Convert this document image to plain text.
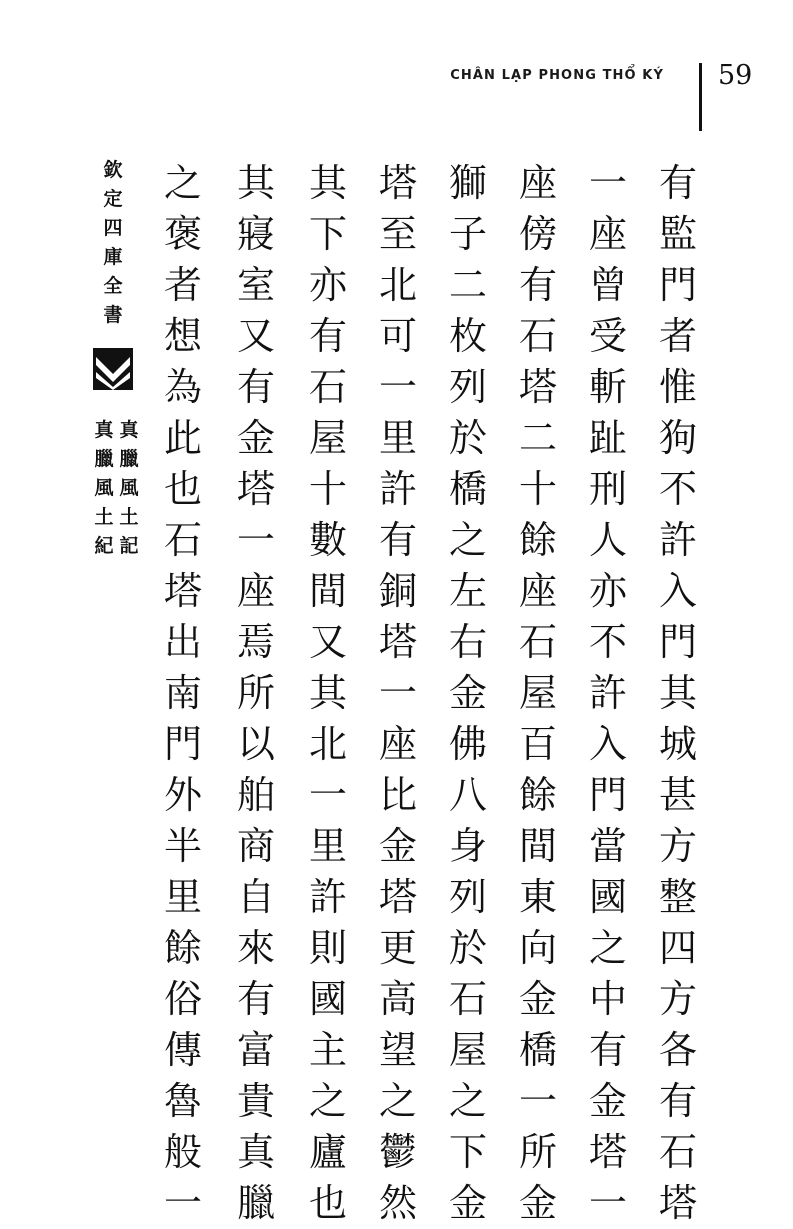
CHÂN LẠP PHONG THỔ KÝ 59
有
監
門
者
惟
狗
不
許
入
門
其
城
甚
方
整
四
方
各
有
石
塔
一
座
曾
受
斬
趾
刑
人
亦
不
許
入
門
當
國
之
中
有
金
塔
一
座
傍
有
石
塔
二
十
餘
座
石
屋
百
餘
間
東
向
金
橋
一
所
金
獅
子
二
枚
列
於
橋
之
左
右
金
佛
八
身
列
於
石
屋
之
下
金
塔
至
北
可
一
里
許
有
銅
塔
一
座
比
金
塔
更
高
望
之
鬱
然
其
下
亦
有
石
屋
十
數
間
又
其
北
一
里
許
則
國
主
之
廬
也
其
寢
室
又
有
金
塔
一
座
焉
所
以
舶
商
自
來
有
富
貴
真
臘
之
褒
者
想
為
此
也
石
塔
出
南
門
外
半
里
餘
俗
傳
魯
般
一
欽
定
四
庫
全
書
真
臘
風
土
記
真
臘
風
土
紀
